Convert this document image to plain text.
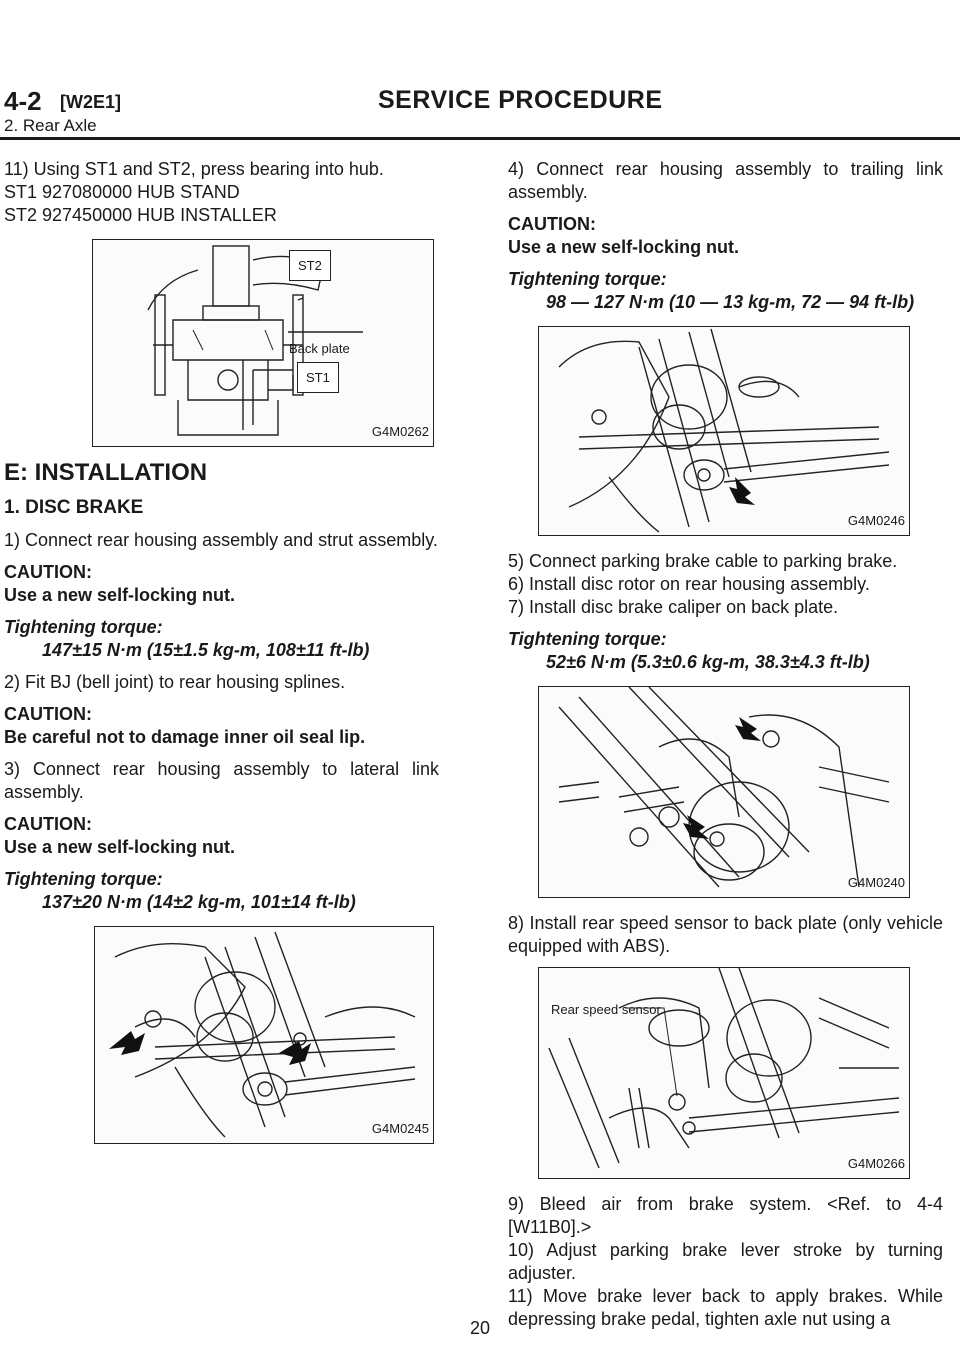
4-2 [W2E1]	SERVICE PROCEDURE
2. Rear Axle

11) Using ST1 and ST2, press bearing into hub.

ST1 927080000 HUB STAND

ST2 927450000 HUB INSTALLER

ST2
Back plate
ST1
G4M0262
E: INSTALLATION
1. DISC BRAKE

1) Connect rear housing assembly and strut assembly.

CAUTION:

Use a new self-locking nut.

Tightening torque:

147±15 N·m (15±1.5 kg-m, 108±11 ft-lb)

2) Fit BJ (bell joint) to rear housing splines.

CAUTION:

Be careful not to damage inner oil seal lip.

3) Connect rear housing assembly to lateral link assembly.

CAUTION:

Use a new self-locking nut.

Tightening torque:

137±20 N·m (14±2 kg-m, 101±14 ft-lb)

G4M0245

4) Connect rear housing assembly to trailing link assembly.

CAUTION:

Use a new self-locking nut.

Tightening torque:

98 — 127 N·m (10 — 13 kg-m, 72 — 94 ft-lb)

G4M0246

5) Connect parking brake cable to parking brake.

6) Install disc rotor on rear housing assembly.

7) Install disc brake caliper on back plate.

Tightening torque:

52±6 N·m (5.3±0.6 kg-m, 38.3±4.3 ft-lb)

G4M0240

8) Install rear speed sensor to back plate (only vehicle equipped with ABS).

Rear speed sensor
G4M0266

9) Bleed air from brake system. <Ref. to 4-4 [W11B0].>

10) Adjust parking brake lever stroke by turning adjuster.

11) Move brake lever back to apply brakes. While depressing brake pedal, tighten axle nut using a

20
